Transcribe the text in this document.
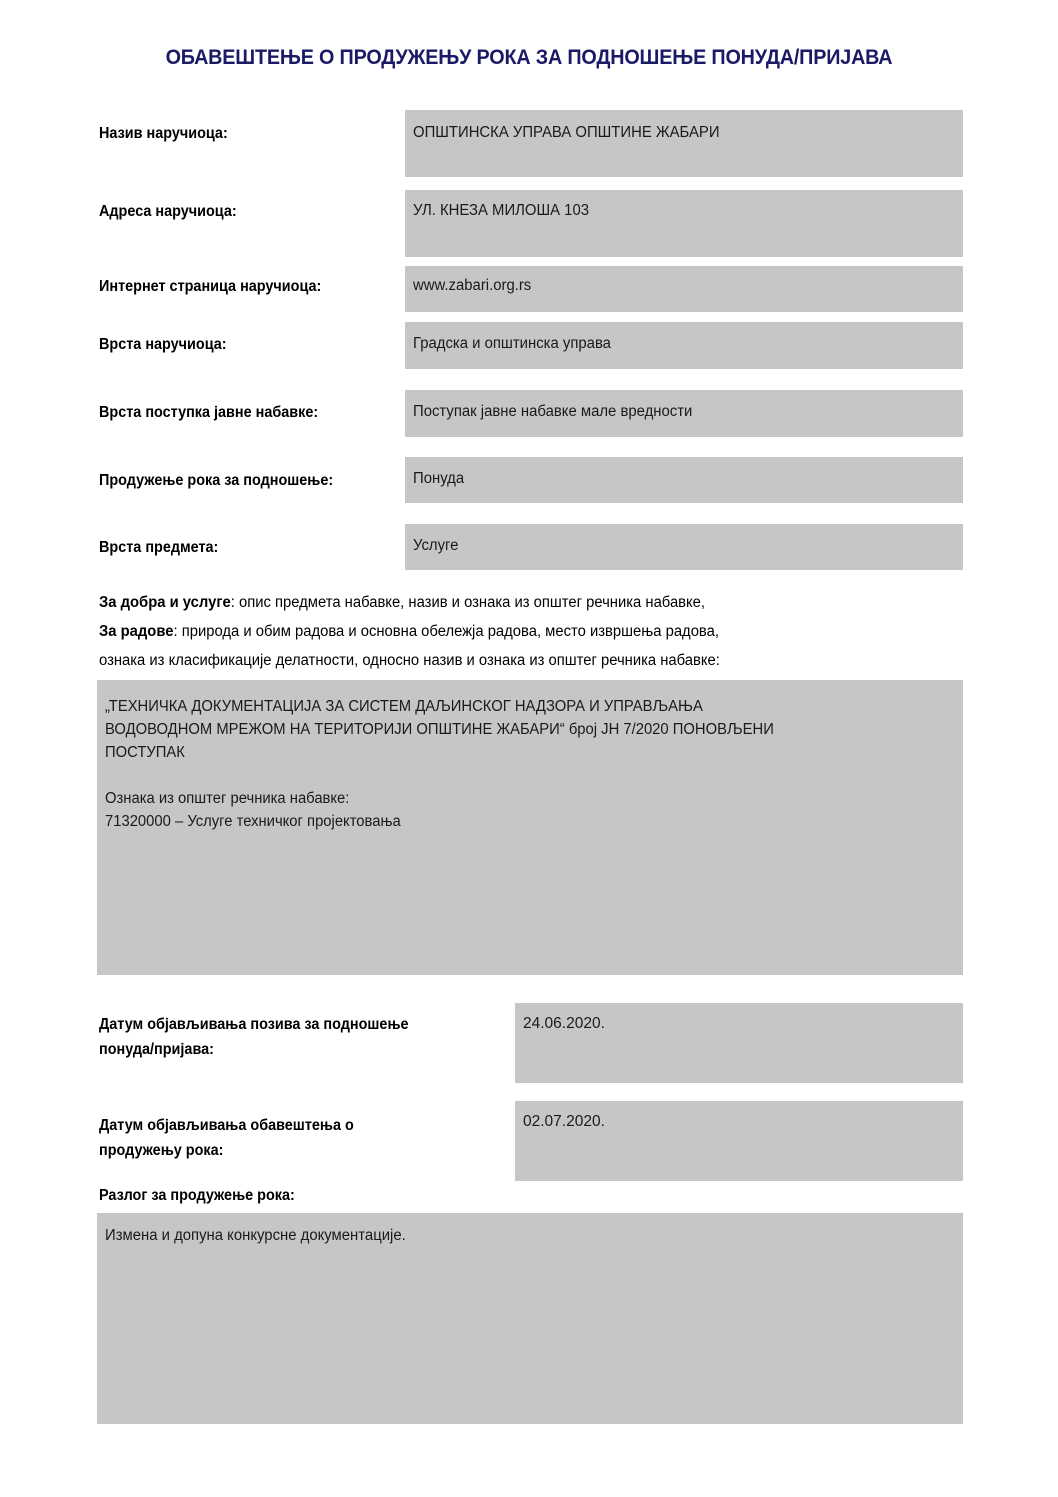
ОБАВЕШТЕЊЕ О ПРОДУЖЕЊУ РОКА ЗА ПОДНОШЕЊЕ ПОНУДА/ПРИЈАВА
ОПШТИНСКА УПРАВА ОПШТИНЕ ЖАБАРИ
Назив наручиоца:
УЛ. КНЕЗА МИЛОША 103
Адреса наручиоца:
www.zabari.org.rs
Интернет страница наручиоца:
Градска и општинска управа
Врста наручиоца:
Поступак јавне набавке мале вредности
Врста поступка јавне набавке:
Понуда
Продужење рока за подношење:
Услуге
Врста предмета:
За добра и услуге: опис предмета набавке, назив и ознака из општег речника набавке,
За радове: природа и обим радова и основна обележја радова, место извршења радова,
ознака из класификације делатности, односно назив и ознака из општег речника набавке:
„ТЕХНИЧКА ДОКУМЕНТАЦИЈА ЗА СИСТЕМ ДАЉИНСКОГ НАДЗОРА И УПРАВЉАЊА
ВОДОВОДНОМ МРЕЖОМ НА ТЕРИТОРИЈИ ОПШТИНЕ ЖАБАРИ“ број ЈН 7/2020 ПОНОВЉЕНИ
ПОСТУПАК
Ознака из општег речника набавке:
71320000 – Услуге техничког пројектовања
24.06.2020.
Датум објављивања позива за подношење
понуда/пријава:
02.07.2020.
Датум објављивања обавештења о
продужењу рока:
Разлог за продужење рока:
Измена и допуна конкурсне документације.
